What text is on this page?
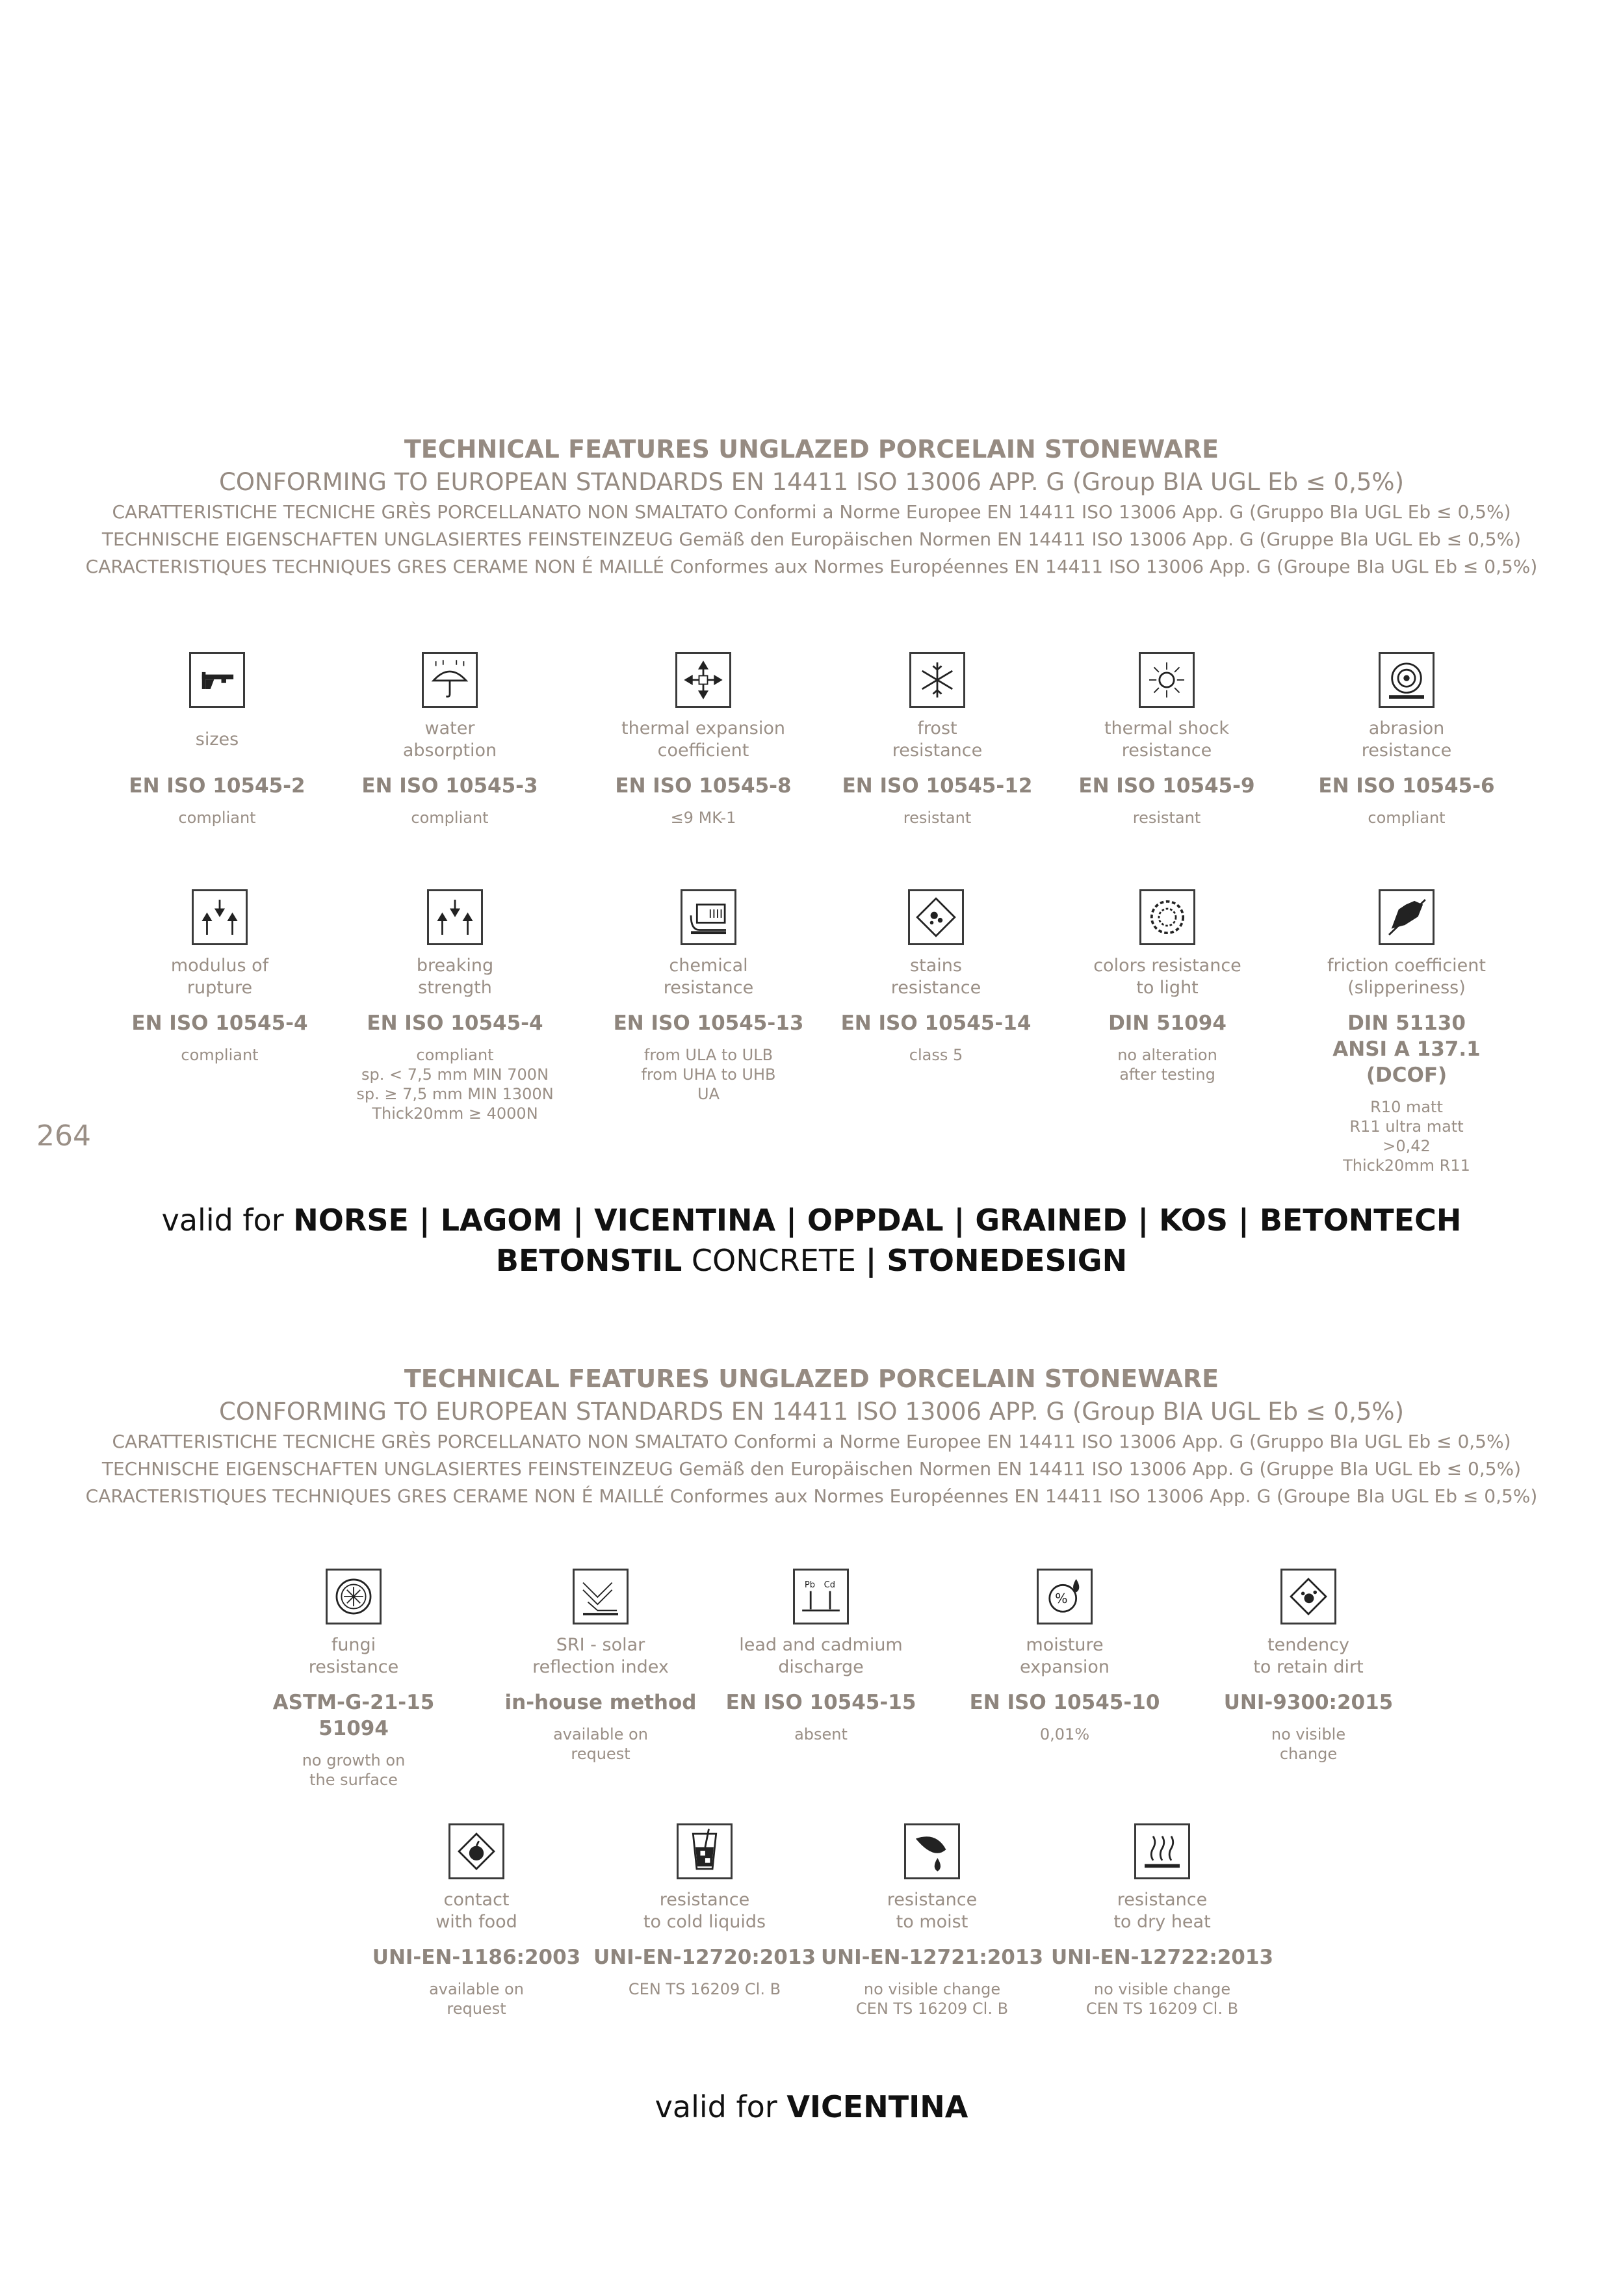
264

TECHNICAL FEATURES UNGLAZED PORCELAIN STONEWARE

CONFORMING TO EUROPEAN STANDARDS EN 14411 ISO 13006 APP. G (Group BIA UGL Eb ≤ 0,5%)

CARATTERISTICHE TECNICHE GRÈS PORCELLANATO NON SMALTATO Conformi a Norme Europee EN 14411 ISO 13006 App. G (Gruppo BIa UGL Eb ≤ 0,5%)

TECHNISCHE EIGENSCHAFTEN UNGLASIERTES FEINSTEINZEUG Gemäß den Europäischen Normen EN 14411 ISO 13006 App. G (Gruppe BIa UGL Eb ≤ 0,5%)

CARACTERISTIQUES TECHNIQUES GRES CERAME NON É MAILLÉ Conformes aux Normes Européennes EN 14411 ISO 13006 App. G (Groupe BIa UGL Eb ≤ 0,5%)

sizes
EN ISO 10545-2
compliant
water
absorption
EN ISO 10545-3
compliant
thermal expansion
coefficient
EN ISO 10545-8
≤9 MK-1
frost
resistance
EN ISO 10545-12
resistant
thermal shock
resistance
EN ISO 10545-9
resistant
abrasion
resistance
EN ISO 10545-6
compliant
modulus of
rupture
EN ISO 10545-4
compliant
breaking
strength
EN ISO 10545-4
compliant
sp. < 7,5 mm MIN 700N
sp. ≥ 7,5 mm MIN 1300N
Thick20mm ≥ 4000N
chemical
resistance
EN ISO 10545-13
from ULA to ULB
from UHA to UHB
UA
stains
resistance
EN ISO 10545-14
class 5
colors resistance
to light
DIN 51094
no alteration
after testing
friction coefficient
(slipperiness)
DIN 51130
ANSI A 137.1 (DCOF)
R10 matt
R11 ultra matt
>0,42
Thick20mm R11
valid for NORSE | LAGOM | VICENTINA | OPPDAL | GRAINED | KOS | BETONTECH
BETONSTIL CONCRETE | STONEDESIGN

TECHNICAL FEATURES UNGLAZED PORCELAIN STONEWARE

CONFORMING TO EUROPEAN STANDARDS EN 14411 ISO 13006 APP. G (Group BIA UGL Eb ≤ 0,5%)

CARATTERISTICHE TECNICHE GRÈS PORCELLANATO NON SMALTATO Conformi a Norme Europee EN 14411 ISO 13006 App. G (Gruppo BIa UGL Eb ≤ 0,5%)

TECHNISCHE EIGENSCHAFTEN UNGLASIERTES FEINSTEINZEUG Gemäß den Europäischen Normen EN 14411 ISO 13006 App. G (Gruppe BIa UGL Eb ≤ 0,5%)

CARACTERISTIQUES TECHNIQUES GRES CERAME NON É MAILLÉ Conformes aux Normes Européennes EN 14411 ISO 13006 App. G (Groupe BIa UGL Eb ≤ 0,5%)

fungi
resistance
ASTM-G-21-15 51094
no growth on
the surface
SRI - solar
reflection index
in-house method
available on
request
Pb Cd
lead and cadmium
discharge
EN ISO 10545-15
absent
%
moisture
expansion
EN ISO 10545-10
0,01%
tendency
to retain dirt
UNI-9300:2015
no visible
change
contact
with food
UNI-EN-1186:2003
available on
request
resistance
to cold liquids
UNI-EN-12720:2013
CEN TS 16209 Cl. B
resistance
to moist
UNI-EN-12721:2013
no visible change
CEN TS 16209 Cl. B
resistance
to dry heat
UNI-EN-12722:2013
no visible change
CEN TS 16209 Cl. B
valid for VICENTINA
